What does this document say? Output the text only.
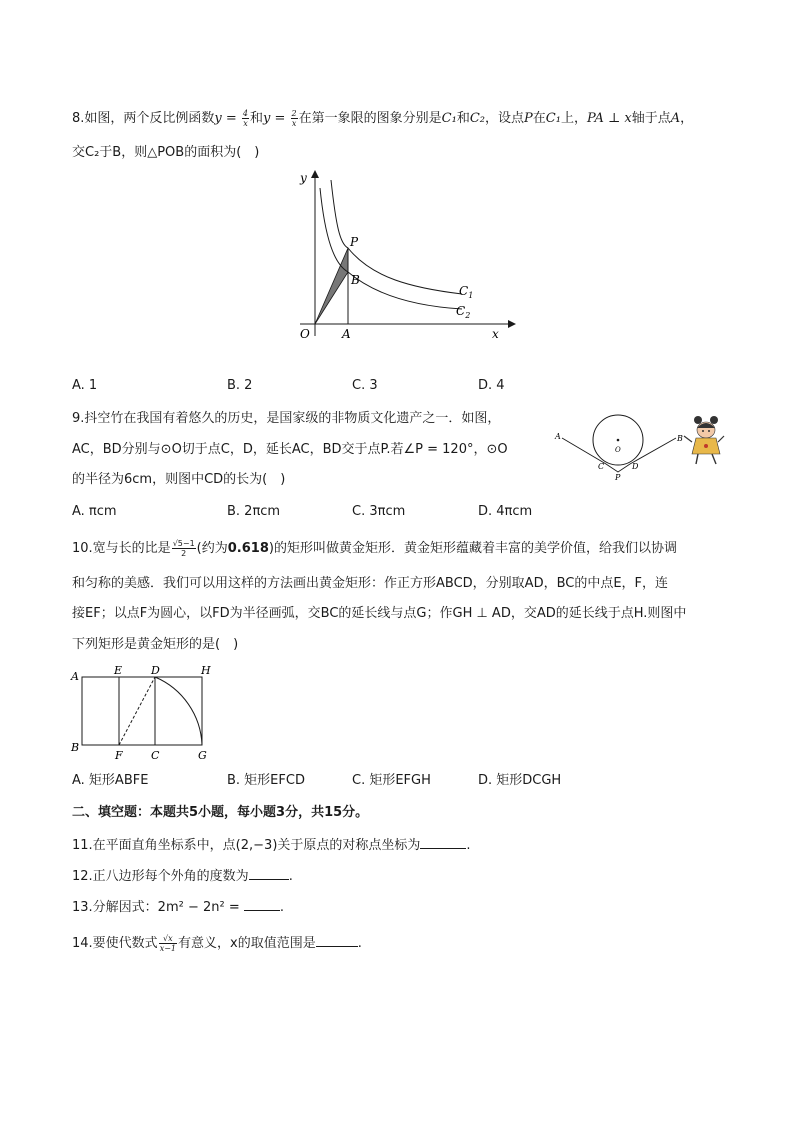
8.如图，两个反比例函数$y = \frac{4}{x}$ 和$y = \frac{2}{x}$ 在第一象限的图象分别是C₁和C₂，设点P在C₁上，PA ⊥ x轴于点A，
交C₂于B，则△POB的面积为(　)
y
x
O	A
P
B
$C_1$
$C_2$
A. 1	B. 2	C. 3	D. 4
9.抖空竹在我国有着悠久的历史，是国家级的非物质文化遗产之一．如图，
AC，BD分别与⊙O切于点C，D，延长AC，BD交于点P.若∠P = 120°，⊙O
的半径为6cm，则图中CD的长为(　)
A	B
C	D
O
P
A. πcm	B. 2πcm	C. 3πcm	D. 4πcm
10.宽与长的比是 $\frac{√5-1}{2}$ (约为0.618)的矩形叫做黄金矩形．黄金矩形蕴藏着丰富的美学价值，给我们以协调
和匀称的美感．我们可以用这样的方法画出黄金矩形：作正方形ABCD，分别取AD，BC的中点E，F，连
接EF；以点F为圆心，以FD为半径画弧，交BC的延长线与点G；作GH ⊥ AD，交AD的延长线于点H.则图中
下列矩形是黄金矩形的是(　)
A	E	D	H
B
F	C	G
A. 矩形ABFE	B. 矩形EFCD	C. 矩形EFGH	D. 矩形DCGH
二、填空题：本题共5小题，每小题3分，共15分。
11.在平面直角坐标系中，点(2,−3)关于原点的对称点坐标为	.
12.正八边形每个外角的度数为	.
13.分解因式：2m² − 2n² =	.
14.要使代数式 $\frac{√x}{x-1}$ 有意义，x的取值范围是	.
